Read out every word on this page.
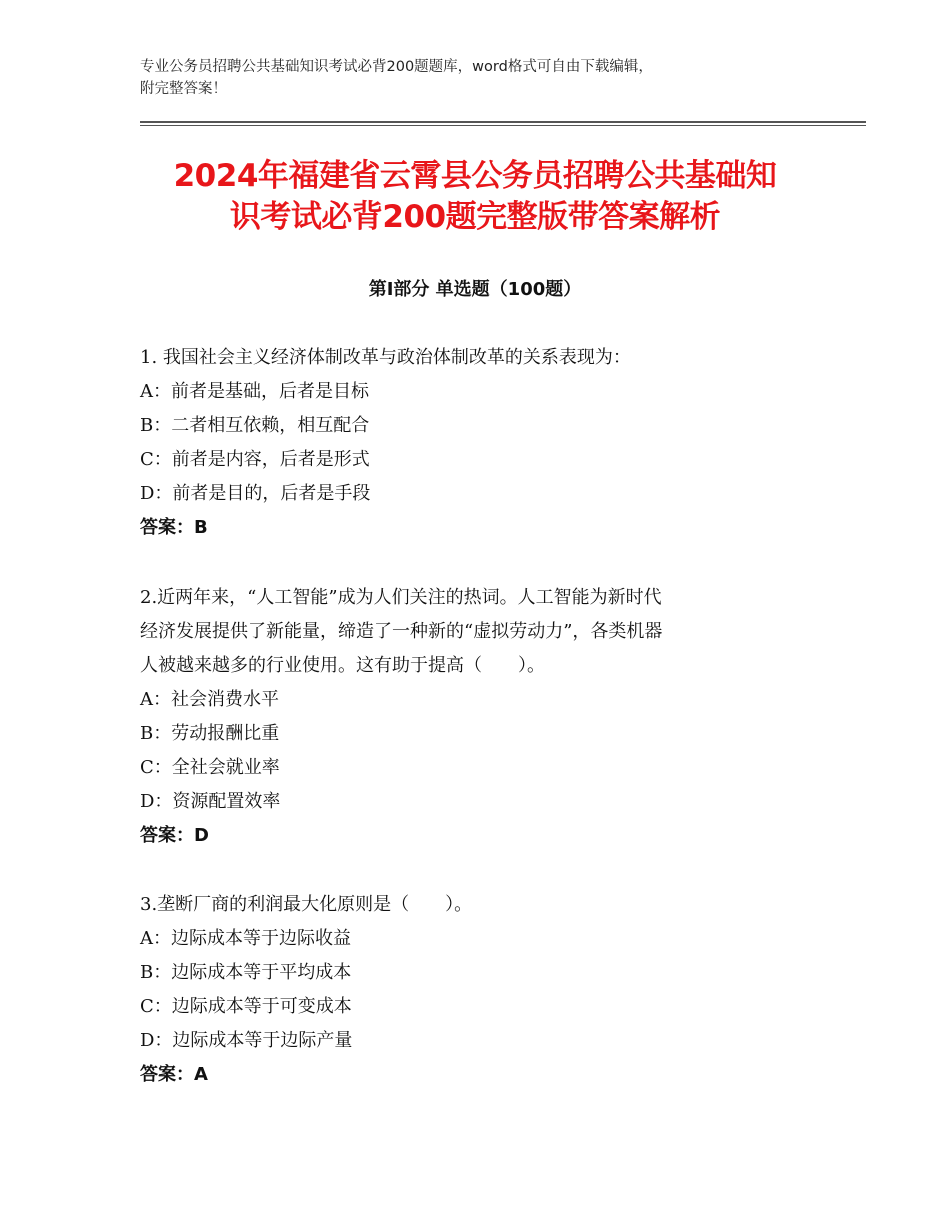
专业公务员招聘公共基础知识考试必背200题题库，word格式可自由下载编辑，
附完整答案！
2024年福建省云霄县公务员招聘公共基础知
识考试必背200题完整版带答案解析
第Ⅰ部分 单选题（100题）
1. 我国社会主义经济体制改革与政治体制改革的关系表现为：
A：前者是基础，后者是目标
B：二者相互依赖，相互配合
C：前者是内容，后者是形式
D：前者是目的，后者是手段
答案：B
2.近两年来，“人工智能”成为人们关注的热词。人工智能为新时代
经济发展提供了新能量，缔造了一种新的“虚拟劳动力”，各类机器
人被越来越多的行业使用。这有助于提高（　　）。
A：社会消费水平
B：劳动报酬比重
C：全社会就业率
D：资源配置效率
答案：D
3.垄断厂商的利润最大化原则是（　　）。
A：边际成本等于边际收益
B：边际成本等于平均成本
C：边际成本等于可变成本
D：边际成本等于边际产量
答案：A
